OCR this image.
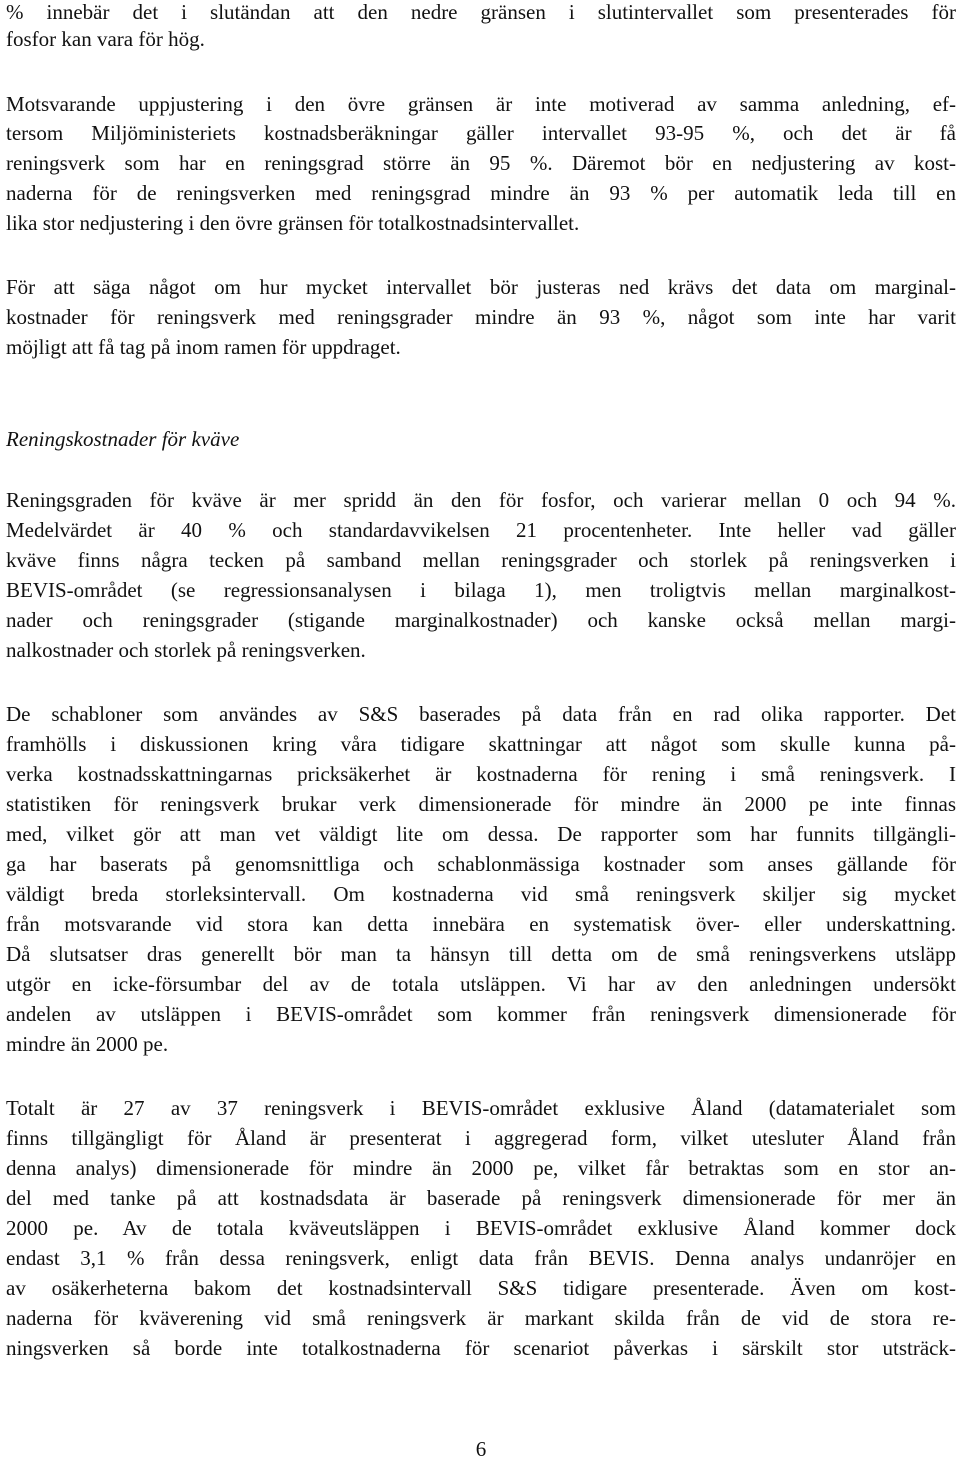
% innebär det i slutändan att den nedre gränsen i slutintervallet som presenterades för
fosfor kan vara för hög.
Motsvarande uppjustering i den övre gränsen är inte motiverad av samma anledning, ef-
tersom Miljöministeriets kostnadsberäkningar gäller intervallet 93-95 %, och det är få
reningsverk som har en reningsgrad större än 95 %. Däremot bör en nedjustering av kost-
naderna för de reningsverken med reningsgrad mindre än 93 % per automatik leda till en
lika stor nedjustering i den övre gränsen för totalkostnadsintervallet.
För att säga något om hur mycket intervallet bör justeras ned krävs det data om marginal-
kostnader för reningsverk med reningsgrader mindre än 93 %, något som inte har varit
möjligt att få tag på inom ramen för uppdraget.
Reningskostnader för kväve
Reningsgraden för kväve är mer spridd än den för fosfor, och varierar mellan 0 och 94 %.
Medelvärdet är 40 % och standardavvikelsen 21 procentenheter. Inte heller vad gäller
kväve finns några tecken på samband mellan reningsgrader och storlek på reningsverken i
BEVIS-området (se regressionsanalysen i bilaga 1), men troligtvis mellan marginalkost-
nader och reningsgrader (stigande marginalkostnader) och kanske också mellan margi-
nalkostnader och storlek på reningsverken.
De schabloner som användes av S&S baserades på data från en rad olika rapporter. Det
framhölls i diskussionen kring våra tidigare skattningar att något som skulle kunna på-
verka kostnadsskattningarnas pricksäkerhet är kostnaderna för rening i små reningsverk. I
statistiken för reningsverk brukar verk dimensionerade för mindre än 2000 pe inte finnas
med, vilket gör att man vet väldigt lite om dessa. De rapporter som har funnits tillgängli-
ga har baserats på genomsnittliga och schablonmässiga kostnader som anses gällande för
väldigt breda storleksintervall. Om kostnaderna vid små reningsverk skiljer sig mycket
från motsvarande vid stora kan detta innebära en systematisk över- eller underskattning.
Då slutsatser dras generellt bör man ta hänsyn till detta om de små reningsverkens utsläpp
utgör en icke-försumbar del av de totala utsläppen. Vi har av den anledningen undersökt
andelen av utsläppen i BEVIS-området som kommer från reningsverk dimensionerade för
mindre än 2000 pe.
Totalt är 27 av 37 reningsverk i BEVIS-området exklusive Åland (datamaterialet som
finns tillgängligt för Åland är presenterat i aggregerad form, vilket utesluter Åland från
denna analys) dimensionerade för mindre än 2000 pe, vilket får betraktas som en stor an-
del med tanke på att kostnadsdata är baserade på reningsverk dimensionerade för mer än
2000 pe. Av de totala kväveutsläppen i BEVIS-området exklusive Åland kommer dock
endast 3,1 % från dessa reningsverk, enligt data från BEVIS. Denna analys undanröjer en
av osäkerheterna bakom det kostnadsintervall S&S tidigare presenterade. Även om kost-
naderna för kväverening vid små reningsverk är markant skilda från de vid de stora re-
ningsverken så borde inte totalkostnaderna för scenariot påverkas i särskilt stor utsträck-
6
